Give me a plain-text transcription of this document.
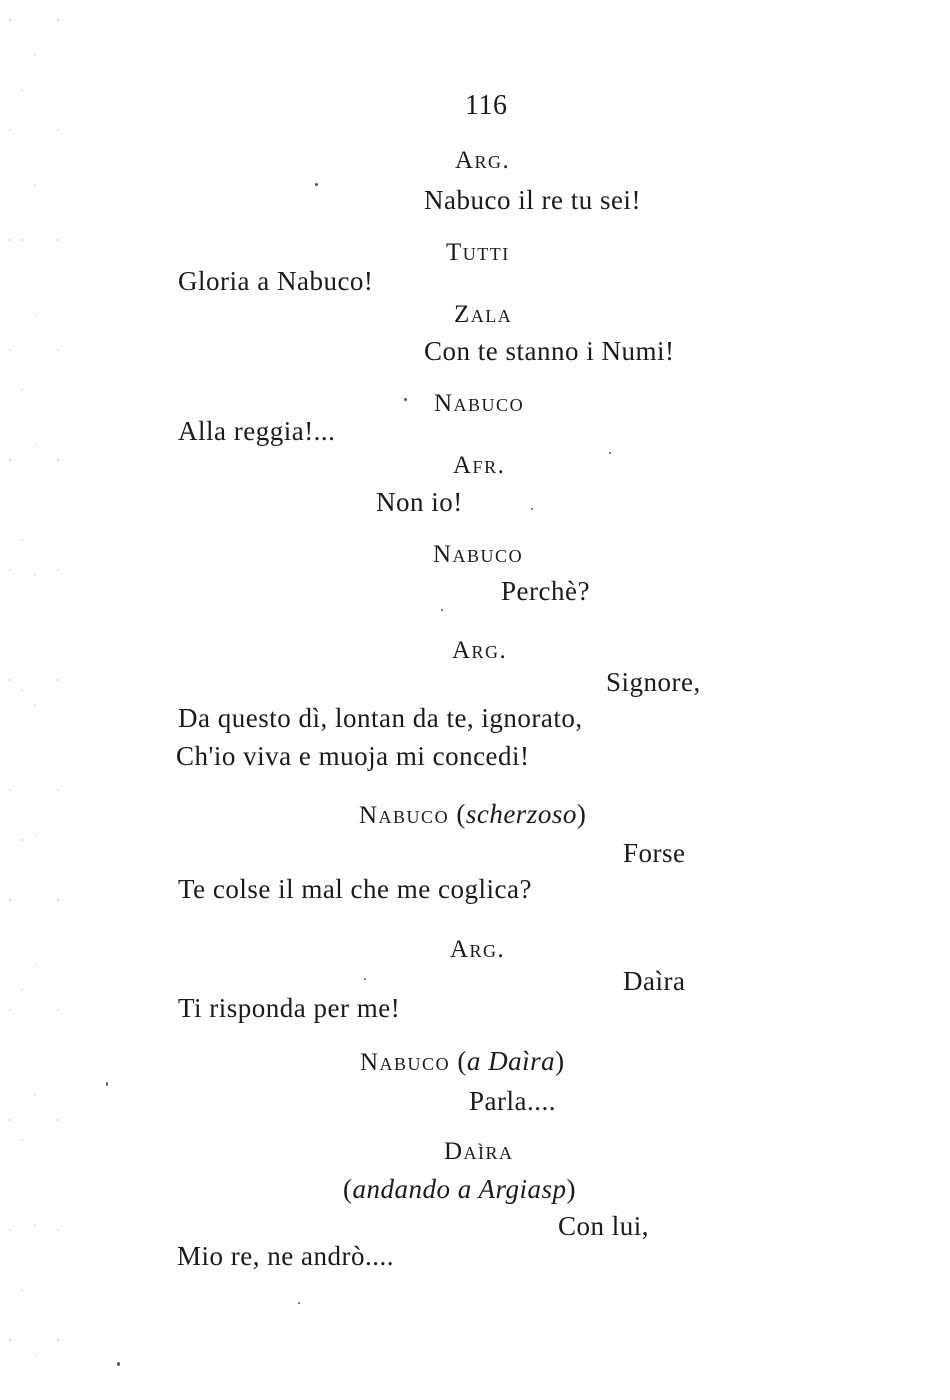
116
Arg.
Nabuco il re tu sei!
Tutti
Gloria a Nabuco!
Zala
Con te stanno i Numi!
Nabuco
Alla reggia!...
Afr.
Non io!
Nabuco
Perchè?
Arg.
Signore,
Da questo dì, lontan da te, ignorato,
Ch'io viva e muoja mi concedi!
Nabuco (scherzoso)
Forse
Te colse il mal che me coglica?
Arg.
Daìra
Ti risponda per me!
Nabuco (a Daìra)
Parla....
Daìra
(andando a Argiasp)
Con lui,
Mio re, ne andrò....
